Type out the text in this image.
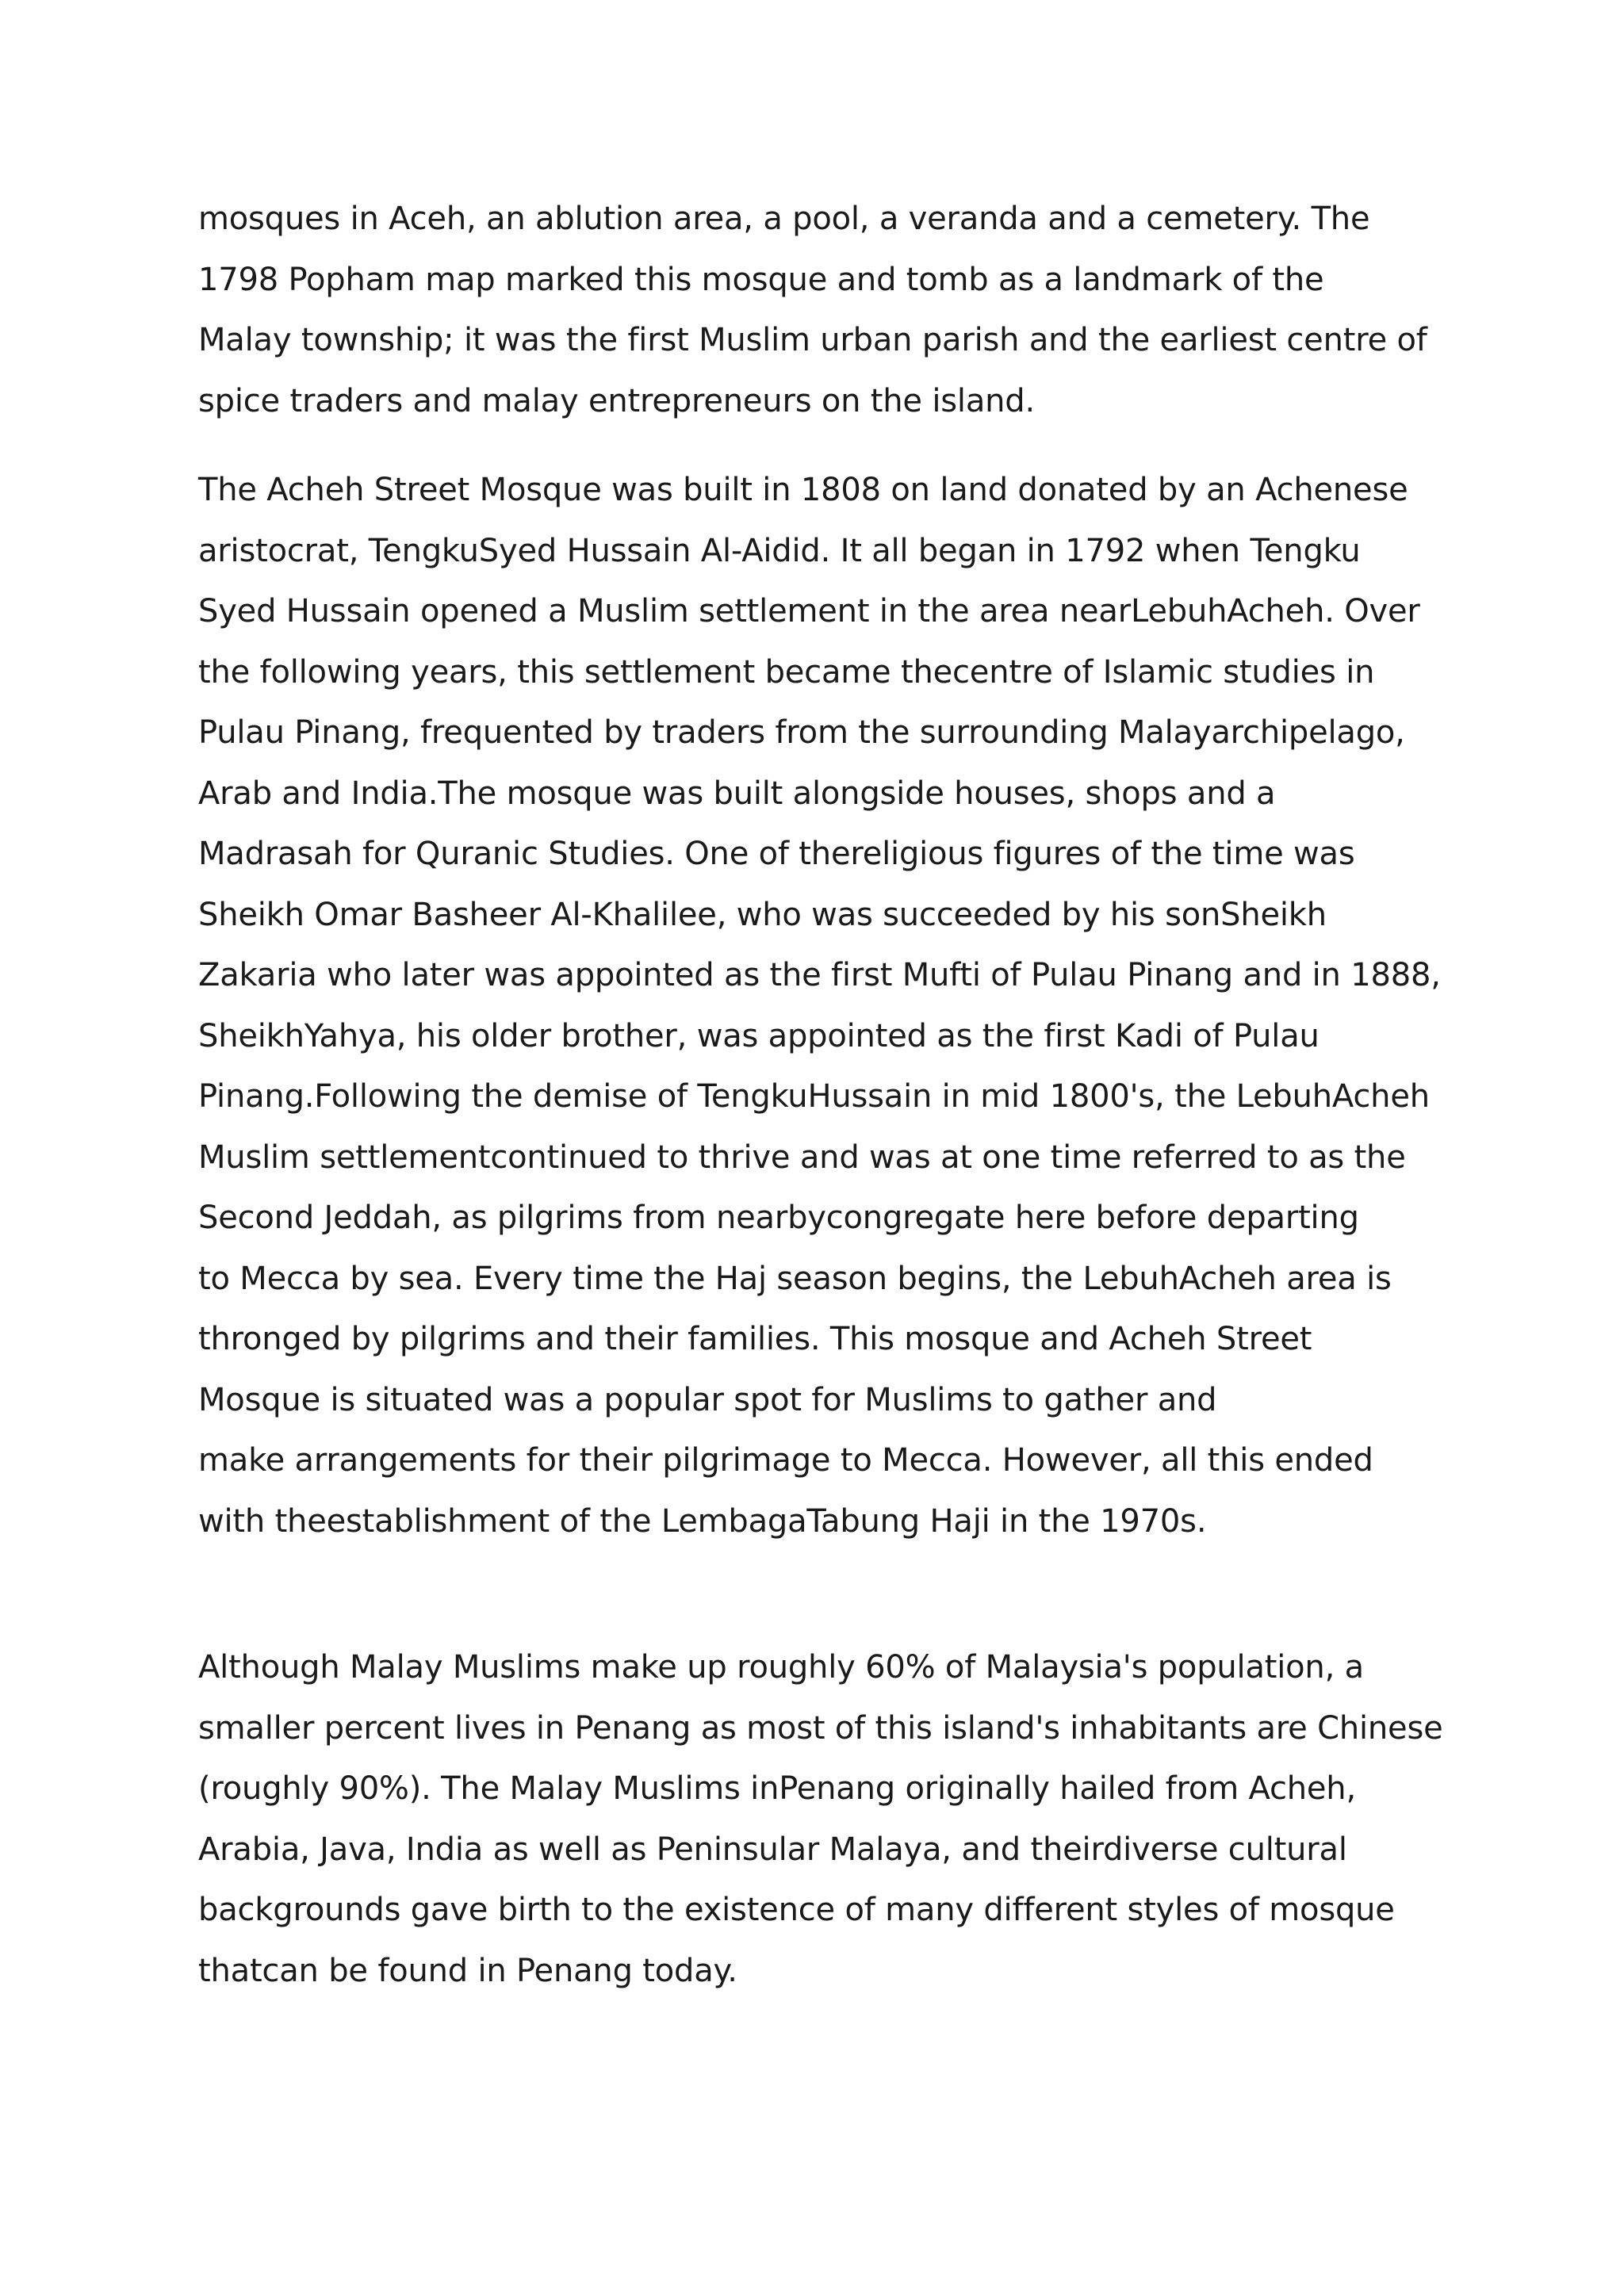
mosques in Aceh, an ablution area, a pool, a veranda and a cemetery. The
1798 Popham map marked this mosque and tomb as a landmark of the
Malay township; it was the first Muslim urban parish and the earliest centre of
spice traders and malay entrepreneurs on the island.

The Acheh Street Mosque was built in 1808 on land donated by an Achenese
aristocrat, TengkuSyed Hussain Al-Aidid. It all began in 1792 when Tengku
Syed Hussain opened a Muslim settlement in the area nearLebuhAcheh. Over
the following years, this settlement became thecentre of Islamic studies in
Pulau Pinang, frequented by traders from the surrounding Malayarchipelago,
Arab and India.The mosque was built alongside houses, shops and a
Madrasah for Quranic Studies. One of thereligious figures of the time was
Sheikh Omar Basheer Al-Khalilee, who was succeeded by his sonSheikh
Zakaria who later was appointed as the first Mufti of Pulau Pinang and in 1888,
SheikhYahya, his older brother, was appointed as the first Kadi of Pulau
Pinang.Following the demise of TengkuHussain in mid 1800's, the LebuhAcheh
Muslim settlementcontinued to thrive and was at one time referred to as the
Second Jeddah, as pilgrims from nearbycongregate here before departing
to Mecca by sea. Every time the Haj season begins, the LebuhAcheh area is
thronged by pilgrims and their families. This mosque and Acheh Street
Mosque is situated was a popular spot for Muslims to gather and
make arrangements for their pilgrimage to Mecca. However, all this ended
with theestablishment of the LembagaTabung Haji in the 1970s.

Although Malay Muslims make up roughly 60% of Malaysia's population, a
smaller percent lives in Penang as most of this island's inhabitants are Chinese
(roughly 90%). The Malay Muslims inPenang originally hailed from Acheh,
Arabia, Java, India as well as Peninsular Malaya, and theirdiverse cultural
backgrounds gave birth to the existence of many different styles of mosque
thatcan be found in Penang today.
